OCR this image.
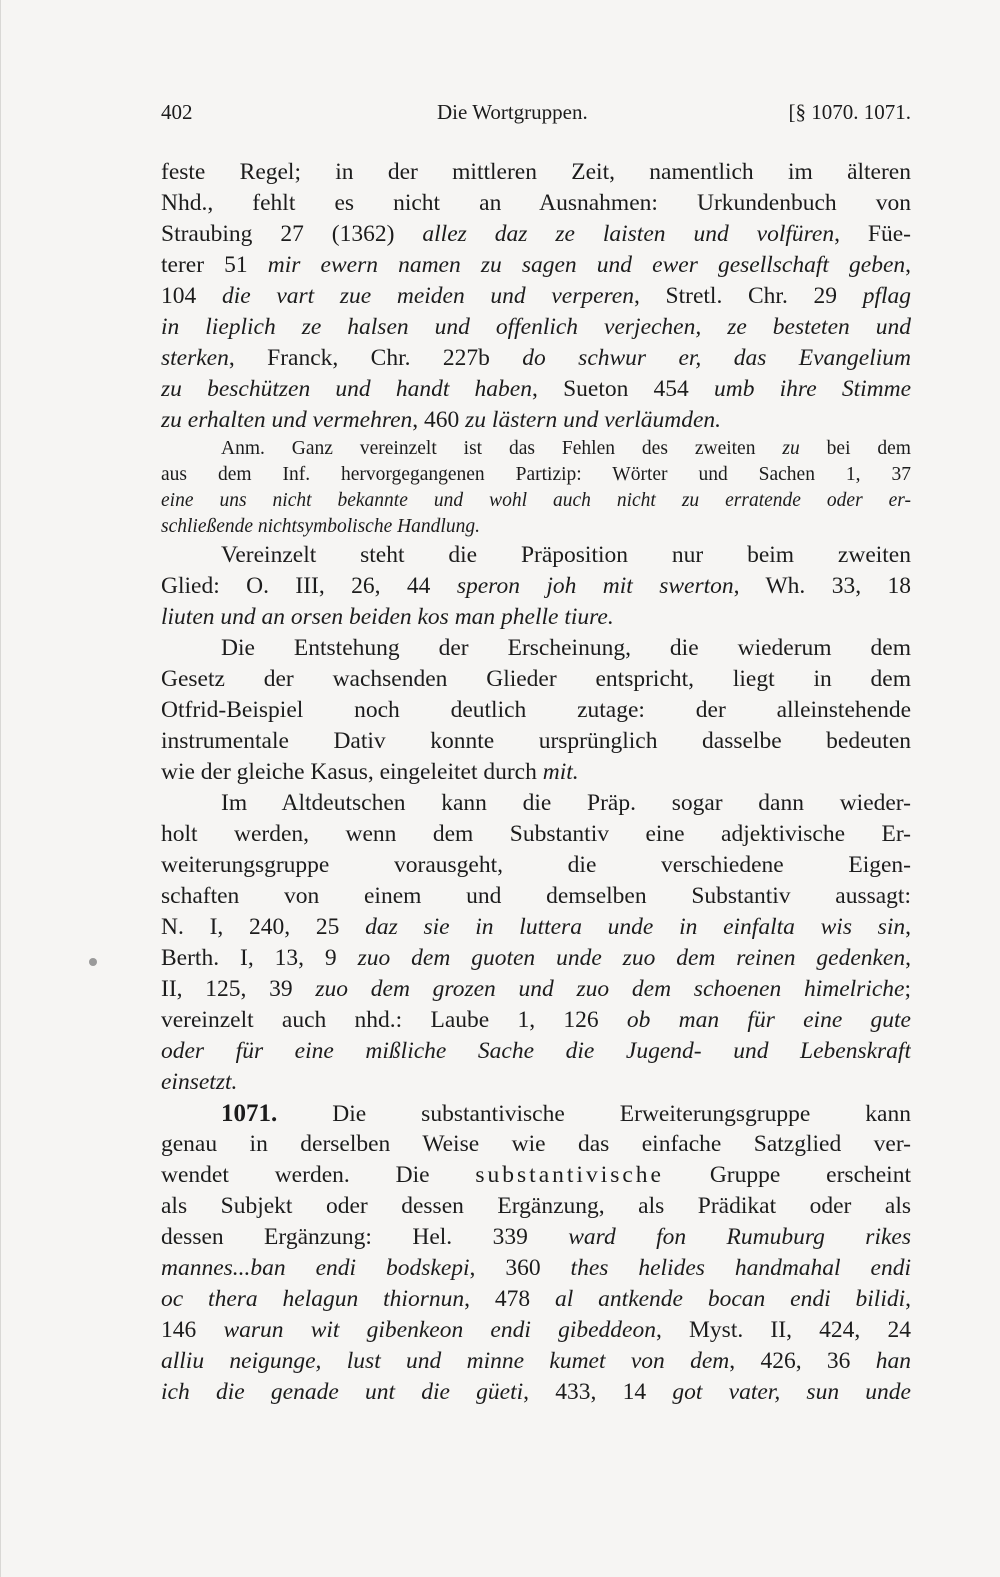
402	Die Wortgruppen.	[§ 1070. 1071.
feste Regel; in der mittleren Zeit, namentlich im älteren
Nhd., fehlt es nicht an Ausnahmen: Urkundenbuch von
Straubing 27 (1362) allez daz ze laisten und volfüren, Füe-
terer 51 mir ewern namen zu sagen und ewer gesellschaft geben,
104 die vart zue meiden und verperen, Stretl. Chr. 29 pflag
in lieplich ze halsen und offenlich verjechen, ze besteten und
sterken, Franck, Chr. 227b do schwur er, das Evangelium
zu beschützen und handt haben, Sueton 454 umb ihre Stimme
zu erhalten und vermehren, 460 zu lästern und verläumden.
Anm. Ganz vereinzelt ist das Fehlen des zweiten zu bei dem
aus dem Inf. hervorgegangenen Partizip: Wörter und Sachen 1, 37
eine uns nicht bekannte und wohl auch nicht zu erratende oder er-
schließende nichtsymbolische Handlung.
Vereinzelt steht die Präposition nur beim zweiten
Glied: O. III, 26, 44 speron joh mit swerton, Wh. 33, 18
liuten und an orsen beiden kos man phelle tiure.
Die Entstehung der Erscheinung, die wiederum dem
Gesetz der wachsenden Glieder entspricht, liegt in dem
Otfrid-Beispiel noch deutlich zutage: der alleinstehende
instrumentale Dativ konnte ursprünglich dasselbe bedeuten
wie der gleiche Kasus, eingeleitet durch mit.
Im Altdeutschen kann die Präp. sogar dann wieder-
holt werden, wenn dem Substantiv eine adjektivische Er-
weiterungsgruppe vorausgeht, die verschiedene Eigen-
schaften von einem und demselben Substantiv aussagt:
N. I, 240, 25 daz sie in luttera unde in einfalta wis sin,
Berth. I, 13, 9 zuo dem guoten unde zuo dem reinen gedenken,
II, 125, 39 zuo dem grozen und zuo dem schoenen himelriche;
vereinzelt auch nhd.: Laube 1, 126 ob man für eine gute
oder für eine mißliche Sache die Jugend- und Lebenskraft
einsetzt.
1071. Die substantivische Erweiterungsgruppe kann
genau in derselben Weise wie das einfache Satzglied ver-
wendet werden. Die substantivische Gruppe erscheint
als Subjekt oder dessen Ergänzung, als Prädikat oder als
dessen Ergänzung: Hel. 339 ward fon Rumuburg rikes
mannes...ban endi bodskepi, 360 thes helides handmahal endi
oc thera helagun thiornun, 478 al antkende bocan endi bilidi,
146 warun wit gibenkeon endi gibeddeon, Myst. II, 424, 24
alliu neigunge, lust und minne kumet von dem, 426, 36 han
ich die genade unt die güeti, 433, 14 got vater, sun unde
